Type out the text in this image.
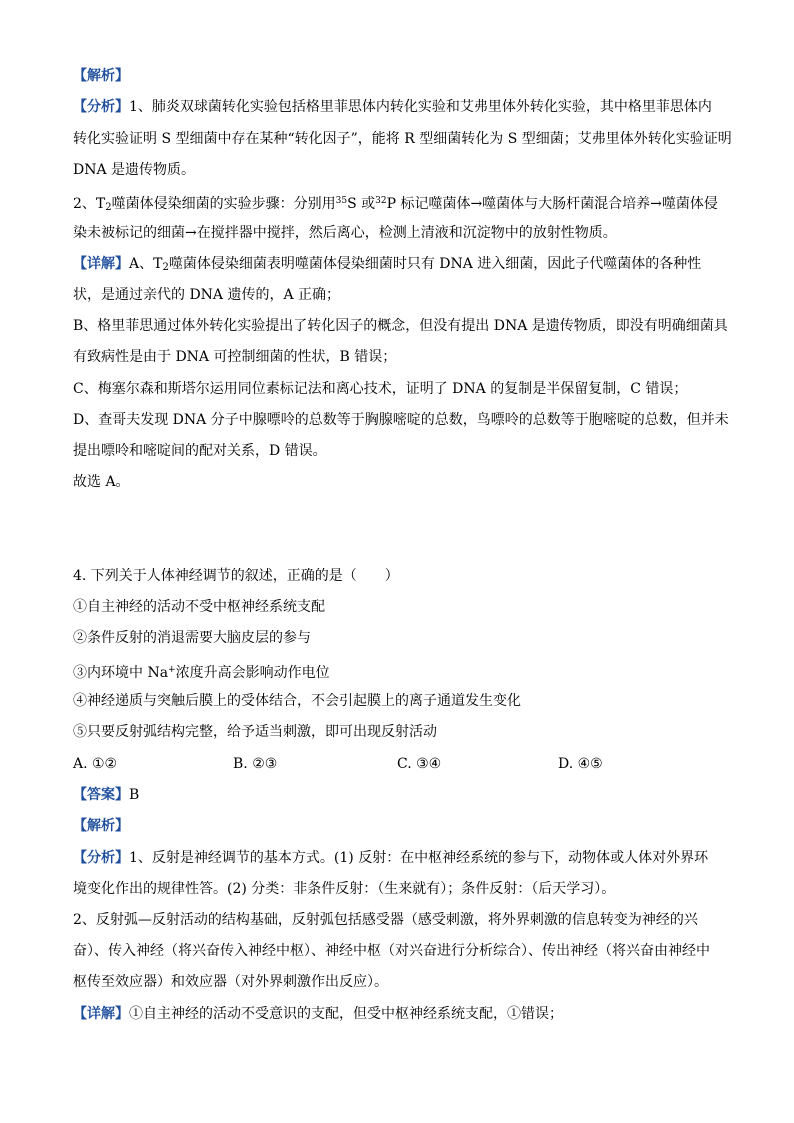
【解析】
【分析】1、肺炎双球菌转化实验包括格里菲思体内转化实验和艾弗里体外转化实验，其中格里菲思体内
转化实验证明 S 型细菌中存在某种“转化因子”，能将 R 型细菌转化为 S 型细菌；艾弗里体外转化实验证明
DNA 是遗传物质。
2、$T_2$噬菌体侵染细菌的实验步骤：分别用$^{35}$S 或$^{32}$P 标记噬菌体→噬菌体与大肠杆菌混合培养→噬菌体侵
染未被标记的细菌→在搅拌器中搅拌，然后离心，检测上清液和沉淀物中的放射性物质。
【详解】A、$T_2$噬菌体侵染细菌表明噬菌体侵染细菌时只有 DNA 进入细菌，因此子代噬菌体的各种性
状，是通过亲代的 DNA 遗传的，A 正确；
B、格里菲思通过体外转化实验提出了转化因子的概念，但没有提出 DNA 是遗传物质，即没有明确细菌具
有致病性是由于 DNA 可控制细菌的性状，B 错误；
C、梅塞尔森和斯塔尔运用同位素标记法和离心技术，证明了 DNA 的复制是半保留复制，C 错误；
D、查哥夫发现 DNA 分子中腺嘌呤的总数等于胸腺嘧啶的总数，鸟嘌呤的总数等于胞嘧啶的总数，但并未
提出嘌呤和嘧啶间的配对关系，D 错误。
故选 A。
4. 下列关于人体神经调节的叙述，正确的是（　　）
①自主神经的活动不受中枢神经系统支配
②条件反射的消退需要大脑皮层的参与
③内环境中 Na+浓度升高会影响动作电位
④神经递质与突触后膜上的受体结合，不会引起膜上的离子通道发生变化
⑤只要反射弧结构完整，给予适当刺激，即可出现反射活动
A. ①②	B. ②③	C. ③④	D. ④⑤
【答案】B
【解析】
【分析】1、反射是神经调节的基本方式。(1) 反射：在中枢神经系统的参与下，动物体或人体对外界环
境变化作出的规律性答。(2) 分类：非条件反射：（生来就有）；条件反射：（后天学习）。
2、反射弧—反射活动的结构基础，反射弧包括感受器（感受刺激，将外界刺激的信息转变为神经的兴
奋）、传入神经（将兴奋传入神经中枢）、神经中枢（对兴奋进行分析综合）、传出神经（将兴奋由神经中
枢传至效应器）和效应器（对外界刺激作出反应）。
【详解】①自主神经的活动不受意识的支配，但受中枢神经系统支配，①错误；
